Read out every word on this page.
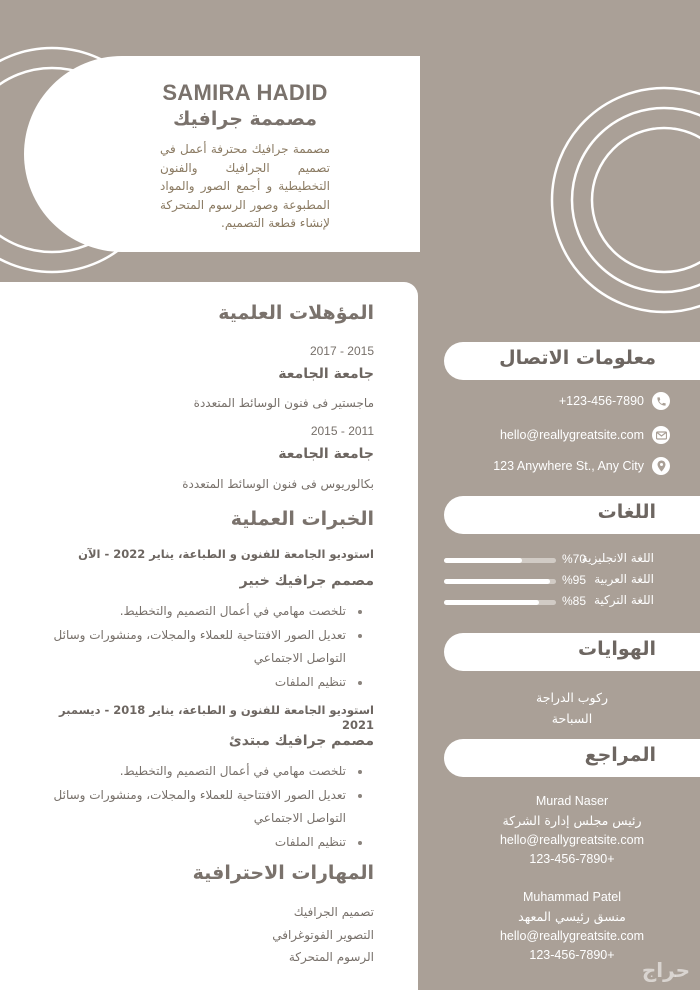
SAMIRA HADID
مصممة جرافيك
مصممة جرافيك محترفة أعمل في تصميم الجرافيك والفنون التخطيطية و أجمع الصور والمواد المطبوعة وصور الرسوم المتحركة لإنشاء قطعة التصميم.
المؤهلات العلمية
2017 - 2015
جامعة الجامعة
ماجستير فى فنون الوسائط المتعددة
2015 - 2011
جامعة الجامعة
بكالوريوس فى فنون الوسائط المتعددة
الخبرات العملية
استوديو الجامعة للفنون و الطباعة، يناير 2022 - الآن
مصمم جرافيك خبير
تلخصت مهامي في أعمال التصميم والتخطيط.
تعديل الصور الافتتاحية للعملاء والمجلات، ومنشورات وسائل التواصل الاجتماعي
تنظيم الملفات
استوديو الجامعة للفنون و الطباعة، يناير 2018 - ديسمبر 2021
مصمم جرافيك مبتدئ
تلخصت مهامي في أعمال التصميم والتخطيط.
تعديل الصور الافتتاحية للعملاء والمجلات، ومنشورات وسائل التواصل الاجتماعي
تنظيم الملفات
المهارات الاحترافية
تصميم الجرافيك
التصوير الفوتوغرافي
الرسوم المتحركة
معلومات الاتصال
+123-456-7890
hello@reallygreatsite.com
123 Anywhere St., Any City
اللغات
اللغة الانجليزية
%70
اللغة العربية
%95
اللغة التركية
%85
الهوايات
ركوب الدراجة
السباحة
المراجع
Murad Naser
رئيس مجلس إدارة الشركة
hello@reallygreatsite.com
+123-456-7890
Muhammad Patel
منسق رئيسي المعهد
hello@reallygreatsite.com
+123-456-7890
حراج
